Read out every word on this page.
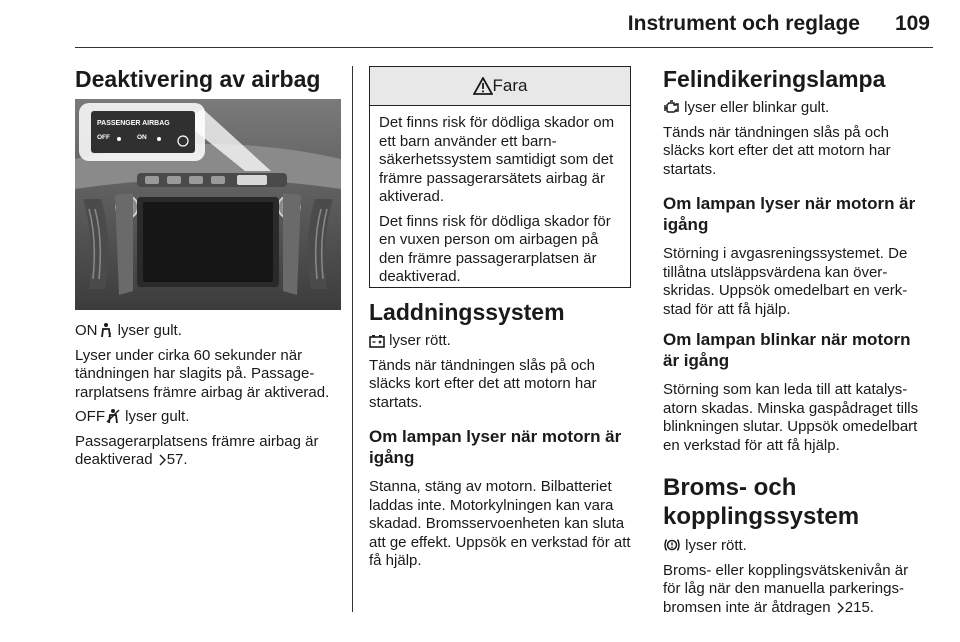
Instrument och reglage	109
Deaktivering av airbag
PASSENGER AIRBAG
OFF	ON

ON 2 lyser gult.

Lyser under cirka 60 sekunder när tändningen har slagits på. Passagerarplatsens främre airbag är aktiverad.

OFF lyser gult.

Passagerarplatsens främre airbag är deaktiverad 57.

Fara

Det finns risk för dödliga skador om ett barn använder ett barnsäkerhetssystem samtidigt som det främre passagerarsätets airbag är aktiverad.

Det finns risk för dödliga skador för en vuxen person om airbagen på den främre passagerarplatsen är deaktiverad.

Laddningssystem

lyser rött.

Tänds när tändningen slås på och släcks kort efter det att motorn har startats.

Om lampan lyser när motorn är igång

Stanna, stäng av motorn. Bilbatteriet laddas inte. Motorkylningen kan vara skadad. Bromsservoenheten kan sluta att ge effekt. Uppsök en verkstad för att få hjälp.

Felindikeringslampa

lyser eller blinkar gult.

Tänds när tändningen slås på och släcks kort efter det att motorn har startats.

Om lampan lyser när motorn är igång

Störning i avgasreningssystemet. De tillåtna utsläppsvärdena kan överskridas. Uppsök omedelbart en verkstad för att få hjälp.

Om lampan blinkar när motorn är igång

Störning som kan leda till att katalysatorn skadas. Minska gaspådraget tills blinkningen slutar. Uppsök omedelbart en verkstad för att få hjälp.

Broms- och kopplingssystem

lyser rött.

Broms- eller kopplingsvätskenivån är för låg när den manuella parkeringsbromsen inte är åtdragen 215.
